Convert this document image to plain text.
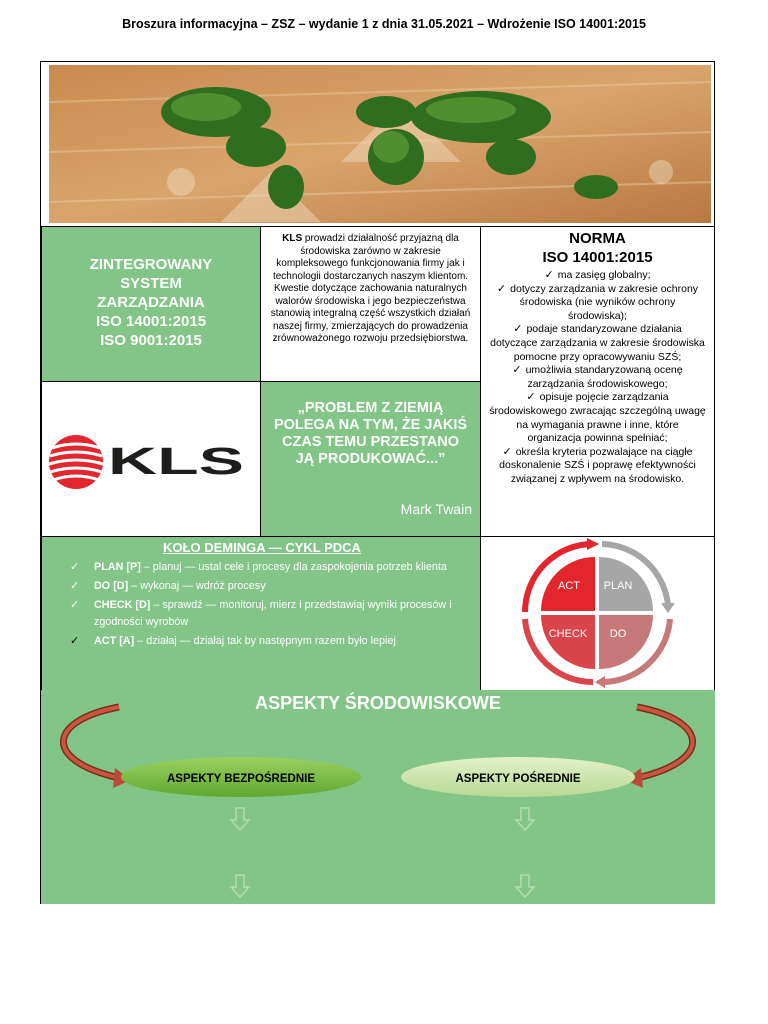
Broszura informacyjna – ZSZ – wydanie 1 z dnia 31.05.2021 – Wdrożenie ISO 14001:2015
ZINTEGROWANY
SYSTEM
ZARZĄDZANIA
ISO 14001:2015
ISO 9001:2015
KLS prowadzi działalność przyjazną dla środowiska zarówno w zakresie kompleksowego funkcjonowania firmy jak i technologii dostarczanych naszym klientom. Kwestie dotyczące zachowania naturalnych walorów środowiska i jego bezpieczeństwa stanowią integralną część wszystkich działań naszej firmy, zmierzających do prowadzenia zrównoważonego rozwoju przedsiębiorstwa.
NORMA
ISO 14001:2015
✓ ma zasięg globalny;
✓ dotyczy zarządzania w zakresie ochrony środowiska (nie wyników ochrony środowiska);
✓ podaje standaryzowane działania dotyczące zarządzania w zakresie środowiska pomocne przy opracowywaniu SZŚ;
✓ umożliwia standaryzowaną ocenę zarządzania środowiskowego;
✓ opisuje pojęcie zarządzania środowiskowego zwracając szczególną uwagę na wymagania prawne i inne, które organizacja powinna spełniać;
✓ określa kryteria pozwalające na ciągłe doskonalenie SZŚ i poprawę efektywności związanej z wpływem na środowisko.
KLS
„PROBLEM Z ZIEMIĄ POLEGA NA TYM, ŻE JAKIŚ CZAS TEMU PRZESTANO JĄ PRODUKOWAĆ...”
Mark Twain
KOŁO DEMINGA — CYKL PDCA
✓ PLAN [P] – planuj — ustal cele i procesy dla zaspokojenia potrzeb klienta
✓ DO [D] – wykonaj — wdróż procesy
✓ CHECK [D] – sprawdź — monitoruj, mierz i przedstawiaj wyniki procesów i zgodności wyrobów
✓ ACT [A] – działaj — działaj tak by następnym razem było lepiej
ACT PLAN
CHECK DO
ASPEKTY ŚRODOWISKOWE
ASPEKTY BEZPOŚREDNIE	ASPEKTY POŚREDNIE
